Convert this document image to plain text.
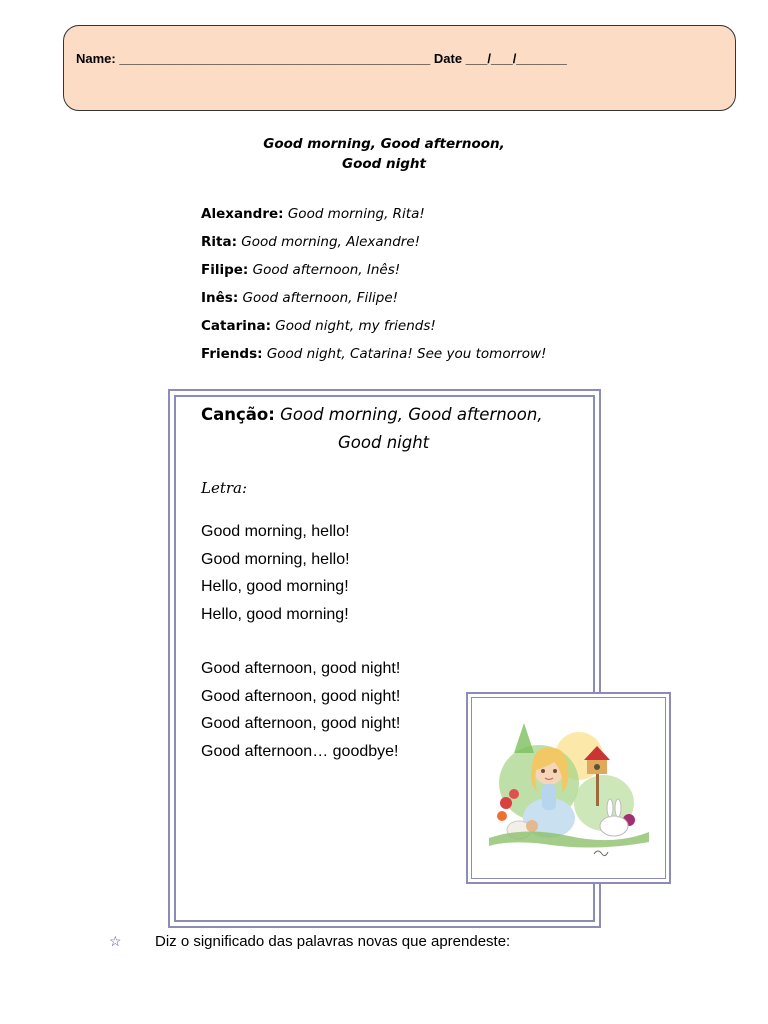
Name: ___________________________________________ Date ___/___/_______
Good morning, Good afternoon,
Good night
Alexandre: Good morning, Rita!
Rita: Good morning, Alexandre!
Filipe: Good afternoon, Inês!
Inês: Good afternoon, Filipe!
Catarina: Good night, my friends!
Friends: Good night, Catarina! See you tomorrow!
Canção: Good morning, Good afternoon,
Good night
Letra:
Good morning, hello!
Good morning, hello!
Hello, good morning!
Hello, good morning!
Good afternoon, good night!
Good afternoon, good night!
Good afternoon, good night!
Good afternoon… goodbye!
☆ Diz o significado das palavras novas que aprendeste:
